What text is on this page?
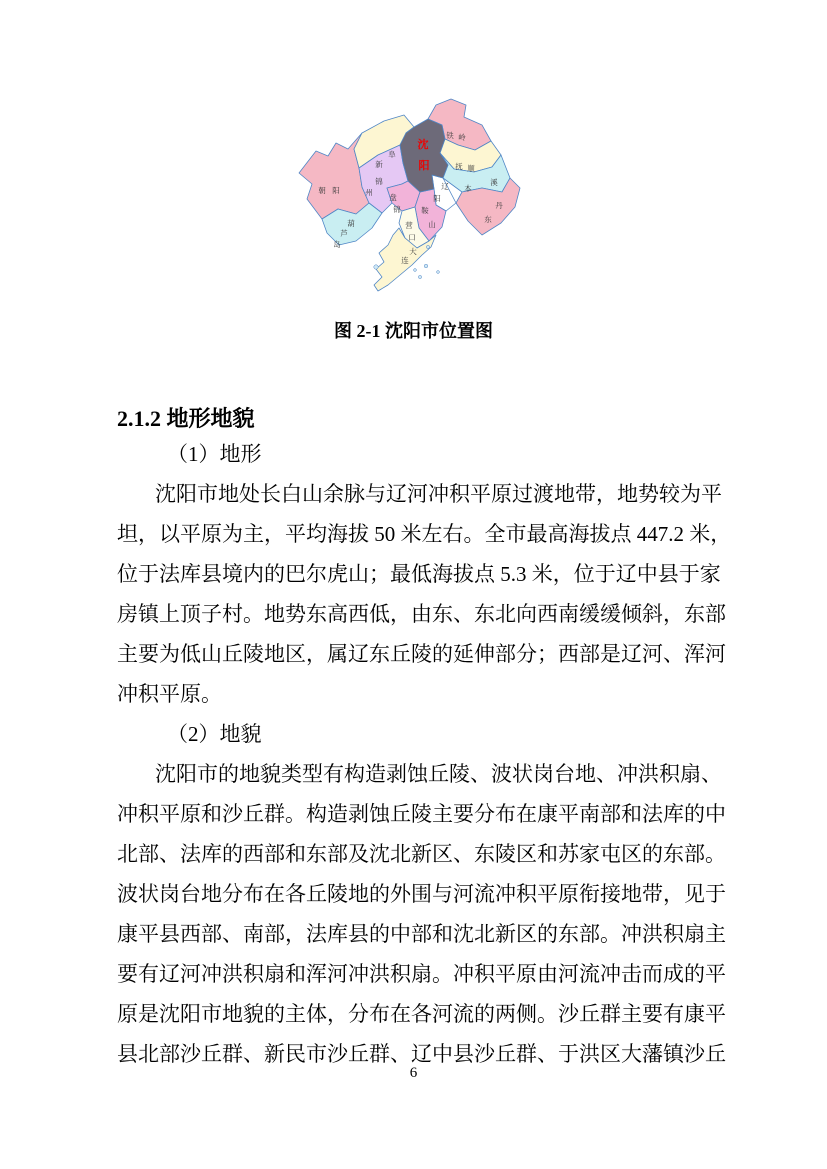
朝 阳
阜
新
锦
州
葫
芦
岛
盘
锦
铁 岭
抚 顺
本
溪
丹
东
辽
阳
鞍
山
营
口
大
连
沈
阳
图 2-1 沈阳市位置图
2.1.2 地形地貌
（1）地形
沈阳市地处长白山余脉与辽河冲积平原过渡地带，地势较为平
坦，以平原为主，平均海拔 50 米左右。全市最高海拔点 447.2 米，
位于法库县境内的巴尔虎山；最低海拔点 5.3 米，位于辽中县于家
房镇上顶子村。地势东高西低，由东、东北向西南缓缓倾斜，东部
主要为低山丘陵地区，属辽东丘陵的延伸部分；西部是辽河、浑河
冲积平原。
（2）地貌
沈阳市的地貌类型有构造剥蚀丘陵、波状岗台地、冲洪积扇、
冲积平原和沙丘群。构造剥蚀丘陵主要分布在康平南部和法库的中
北部、法库的西部和东部及沈北新区、东陵区和苏家屯区的东部。
波状岗台地分布在各丘陵地的外围与河流冲积平原衔接地带，见于
康平县西部、南部，法库县的中部和沈北新区的东部。冲洪积扇主
要有辽河冲洪积扇和浑河冲洪积扇。冲积平原由河流冲击而成的平
原是沈阳市地貌的主体，分布在各河流的两侧。沙丘群主要有康平
县北部沙丘群、新民市沙丘群、辽中县沙丘群、于洪区大藩镇沙丘
6
